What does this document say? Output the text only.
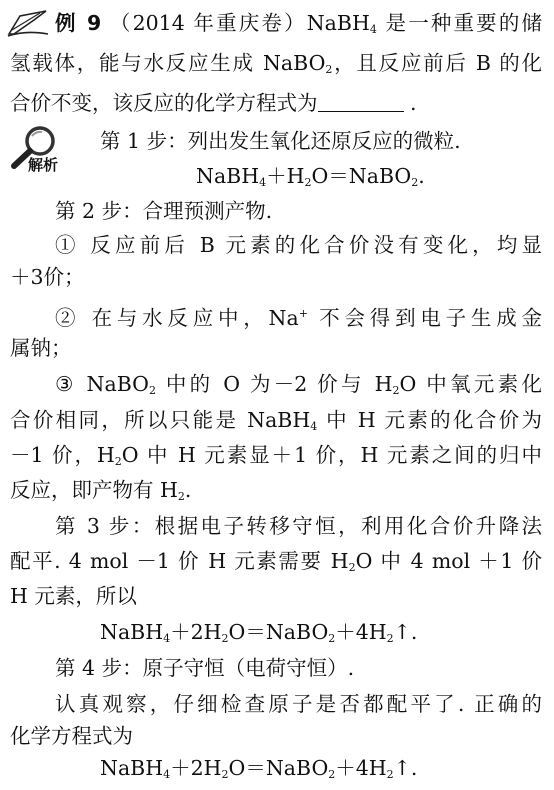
解析
例 9 （2014 年重庆卷）NaBH$_4$ 是一种重要的储
氢载体，能与水反应生成 NaBO$_2$，且反应前后 B 的化
合价不变，该反应的化学方程式为	.
第 1 步：列出发生氧化还原反应的微粒.
$NaBH_4+H_2O=NaBO_2$.
第 2 步：合理预测产物.
① 反应前后 B 元素的化合价没有变化，均显
＋3价；
② 在与水反应中，Na+ 不会得到电子生成金
属钠；
③ NaBO$_2$ 中的 O 为－2 价与 $H_2O$ 中氧元素化
合价相同，所以只能是 NaBH$_4$ 中 H 元素的化合价为
－1 价，$H_2O$ 中 H 元素显＋1 价，H 元素之间的归中
反应，即产物有 $H_2$.
第 3 步：根据电子转移守恒，利用化合价升降法
配平. 4 mol －1 价 H 元素需要 $H_2O$ 中 4 mol ＋1 价
H 元素，所以
$NaBH_4+2H_2O=NaBO_2+4H_2↑$.
第 4 步：原子守恒（电荷守恒）.
认真观察，仔细检查原子是否都配平了. 正确的
化学方程式为
$NaBH_4+2H_2O=NaBO_2+4H_2↑$.
